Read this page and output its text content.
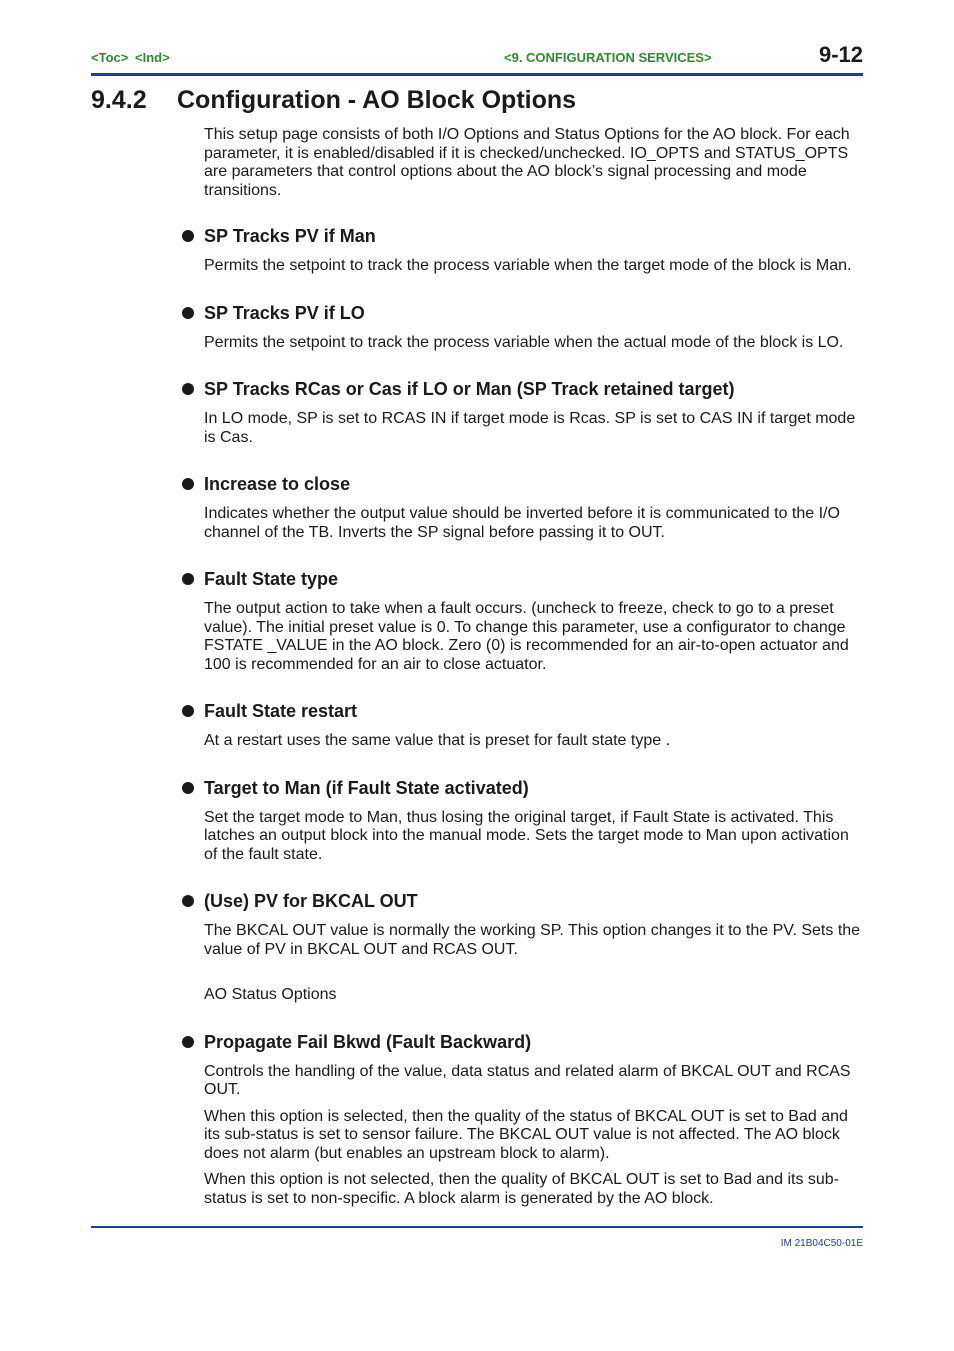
<Toc> <Ind>	<9. CONFIGURATION SERVICES>	9-12
9.4.2 Configuration - AO Block Options

This setup page consists of both I/O Options and Status Options for the AO block. For each parameter, it is enabled/disabled if it is checked/unchecked. IO_OPTS and STATUS_OPTS are parameters that control options about the AO block’s signal processing and mode transitions.

SP Tracks PV if Man

Permits the setpoint to track the process variable when the target mode of the block is Man.

SP Tracks PV if LO

Permits the setpoint to track the process variable when the actual mode of the block is LO.

SP Tracks RCas or Cas if LO or Man (SP Track retained target)

In LO mode, SP is set to RCAS IN if target mode is Rcas. SP is set to CAS IN if target mode is Cas.

Increase to close

Indicates whether the output value should be inverted before it is communicated to the I/O channel of the TB. Inverts the SP signal before passing it to OUT.

Fault State type

The output action to take when a fault occurs. (uncheck to freeze, check to go to a preset value). The initial preset value is 0. To change this parameter, use a configurator to change FSTATE _VALUE in the AO block. Zero (0) is recommended for an air-to-open actuator and 100 is recommended for an air to close actuator.

Fault State restart

At a restart uses the same value that is preset for fault state type .

Target to Man (if Fault State activated)

Set the target mode to Man, thus losing the original target, if Fault State is activated. This latches an output block into the manual mode. Sets the target mode to Man upon activation of the fault state.

(Use) PV for BKCAL OUT

The BKCAL OUT value is normally the working SP. This option changes it to the PV. Sets the value of PV in BKCAL OUT and RCAS OUT.

AO Status Options

Propagate Fail Bkwd (Fault Backward)

Controls the handling of the value, data status and related alarm of BKCAL OUT and RCAS OUT.

When this option is selected, then the quality of the status of BKCAL OUT is set to Bad and its sub-status is set to sensor failure. The BKCAL OUT value is not affected. The AO block does not alarm (but enables an upstream block to alarm).

When this option is not selected, then the quality of BKCAL OUT is set to Bad and its sub-status is set to non-specific. A block alarm is generated by the AO block.

IM 21B04C50-01E
